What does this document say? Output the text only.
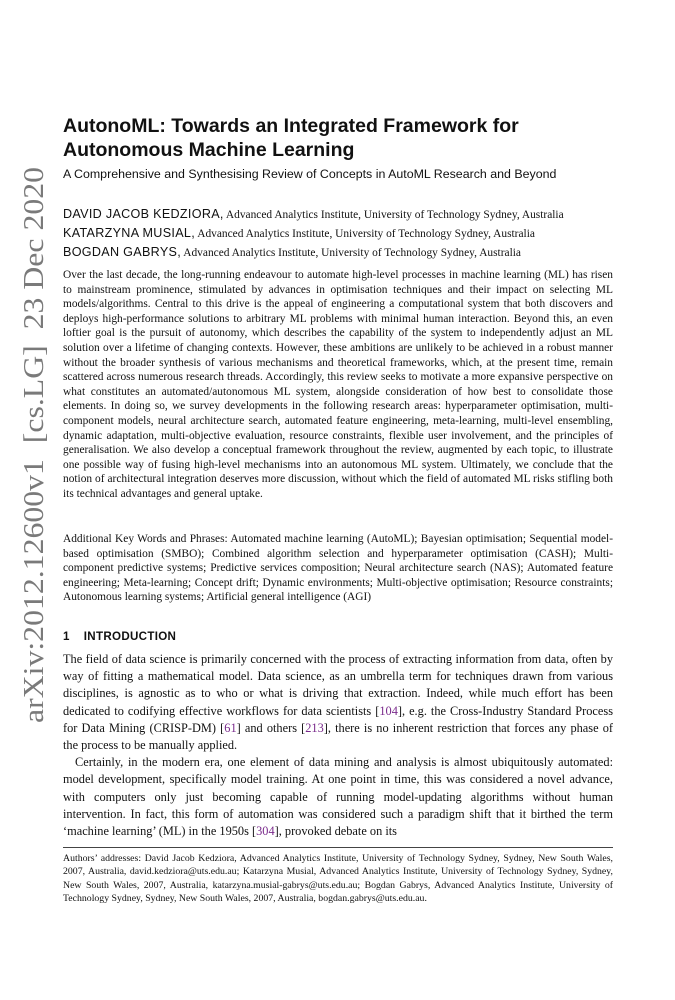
arXiv:2012.12600v1  [cs.LG]  23 Dec 2020
AutonoML: Towards an Integrated Framework for Autonomous Machine Learning
A Comprehensive and Synthesising Review of Concepts in AutoML Research and Beyond
DAVID JACOB KEDZIORA, Advanced Analytics Institute, University of Technology Sydney, Australia
KATARZYNA MUSIAL, Advanced Analytics Institute, University of Technology Sydney, Australia
BOGDAN GABRYS, Advanced Analytics Institute, University of Technology Sydney, Australia
Over the last decade, the long-running endeavour to automate high-level processes in machine learning (ML) has risen to mainstream prominence, stimulated by advances in optimisation techniques and their impact on selecting ML models/algorithms. Central to this drive is the appeal of engineering a computational system that both discovers and deploys high-performance solutions to arbitrary ML problems with minimal human interaction. Beyond this, an even loftier goal is the pursuit of autonomy, which describes the capability of the system to independently adjust an ML solution over a lifetime of changing contexts. However, these ambitions are unlikely to be achieved in a robust manner without the broader synthesis of various mechanisms and theoretical frameworks, which, at the present time, remain scattered across numerous research threads. Accordingly, this review seeks to motivate a more expansive perspective on what constitutes an automated/autonomous ML system, alongside consideration of how best to consolidate those elements. In doing so, we survey developments in the following research areas: hyperparameter optimisation, multi-component models, neural architecture search, automated feature engineering, meta-learning, multi-level ensembling, dynamic adaptation, multi-objective evaluation, resource constraints, flexible user involvement, and the principles of generalisation. We also develop a conceptual framework throughout the review, augmented by each topic, to illustrate one possible way of fusing high-level mechanisms into an autonomous ML system. Ultimately, we conclude that the notion of architectural integration deserves more discussion, without which the field of automated ML risks stifling both its technical advantages and general uptake.
Additional Key Words and Phrases: Automated machine learning (AutoML); Bayesian optimisation; Sequential model-based optimisation (SMBO); Combined algorithm selection and hyperparameter optimisation (CASH); Multi-component predictive systems; Predictive services composition; Neural architecture search (NAS); Automated feature engineering; Meta-learning; Concept drift; Dynamic environments; Multi-objective optimisation; Resource constraints; Autonomous learning systems; Artificial general intelligence (AGI)
1 INTRODUCTION

The field of data science is primarily concerned with the process of extracting information from data, often by way of fitting a mathematical model. Data science, as an umbrella term for techniques drawn from various disciplines, is agnostic as to who or what is driving that extraction. Indeed, while much effort has been dedicated to codifying effective workflows for data scientists [104], e.g. the Cross-Industry Standard Process for Data Mining (CRISP-DM) [61] and others [213], there is no inherent restriction that forces any phase of the process to be manually applied.

Certainly, in the modern era, one element of data mining and analysis is almost ubiquitously automated: model development, specifically model training. At one point in time, this was considered a novel advance, with computers only just becoming capable of running model-updating algorithms without human intervention. In fact, this form of automation was considered such a paradigm shift that it birthed the term ‘machine learning’ (ML) in the 1950s [304], provoked debate on its

Authors’ addresses: David Jacob Kedziora, Advanced Analytics Institute, University of Technology Sydney, Sydney, New South Wales, 2007, Australia, david.kedziora@uts.edu.au; Katarzyna Musial, Advanced Analytics Institute, University of Technology Sydney, Sydney, New South Wales, 2007, Australia, katarzyna.musial-gabrys@uts.edu.au; Bogdan Gabrys, Advanced Analytics Institute, University of Technology Sydney, Sydney, New South Wales, 2007, Australia, bogdan.gabrys@uts.edu.au.
